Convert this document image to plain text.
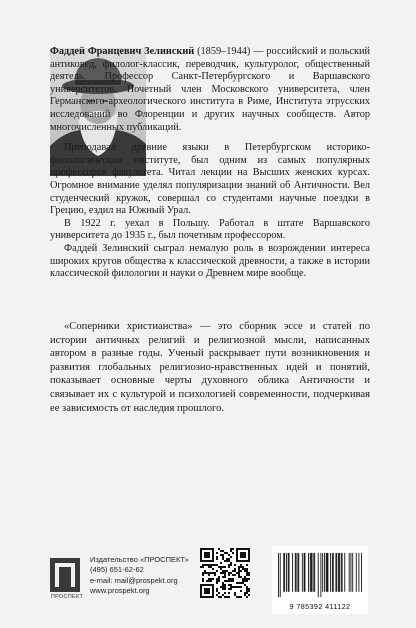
Фаддей Францевич Зелинский (1859–1944) — российский и польский антиковед, филолог-классик, переводчик, культуролог, общественный деятель. Профессор Санкт-Петербургского и Варшавского университетов. Почетный член Московского университета, член Германского археологического института в Риме, Института этрусских исследований во Флоренции и других научных сообществ. Автор многочисленных публикаций.

Преподавал древние языки в Петербургском историко-филологическом институте, был одним из самых популярных профессоров факультета. Читал лекции на Высших женских курсах. Огромное внимание уделял популяризации знаний об Античности. Вел студенческий кружок, совершал со студентами научные поездки в Грецию, ездил на Южный Урал.

В 1922 г. уехал в Польшу. Работал в штате Варшавского университета до 1935 г., был почетным профессором.

Фаддей Зелинский сыграл немалую роль в возрождении интереса широких кругов общества к классической древности, а также в истории классической филологии и науки о Древнем мире вообще.

«Соперники христианства» — это сборник эссе и статей по истории античных религий и религиозной мысли, написанных автором в разные годы. Ученый раскрывает пути возникновения и развития глобальных религиозно-нравственных идей и понятий, показывает основные черты духовного облика Античности и связывает их с культурой и психологией современности, подчеркивая ее зависимость от наследия прошлого.

ПРОСПЕКТ
Издательство «ПРОСПЕКТ»
(495) 651-62-62
e-mail: mail@prospekt.org
www.prospekt.org
9 785392 411122
